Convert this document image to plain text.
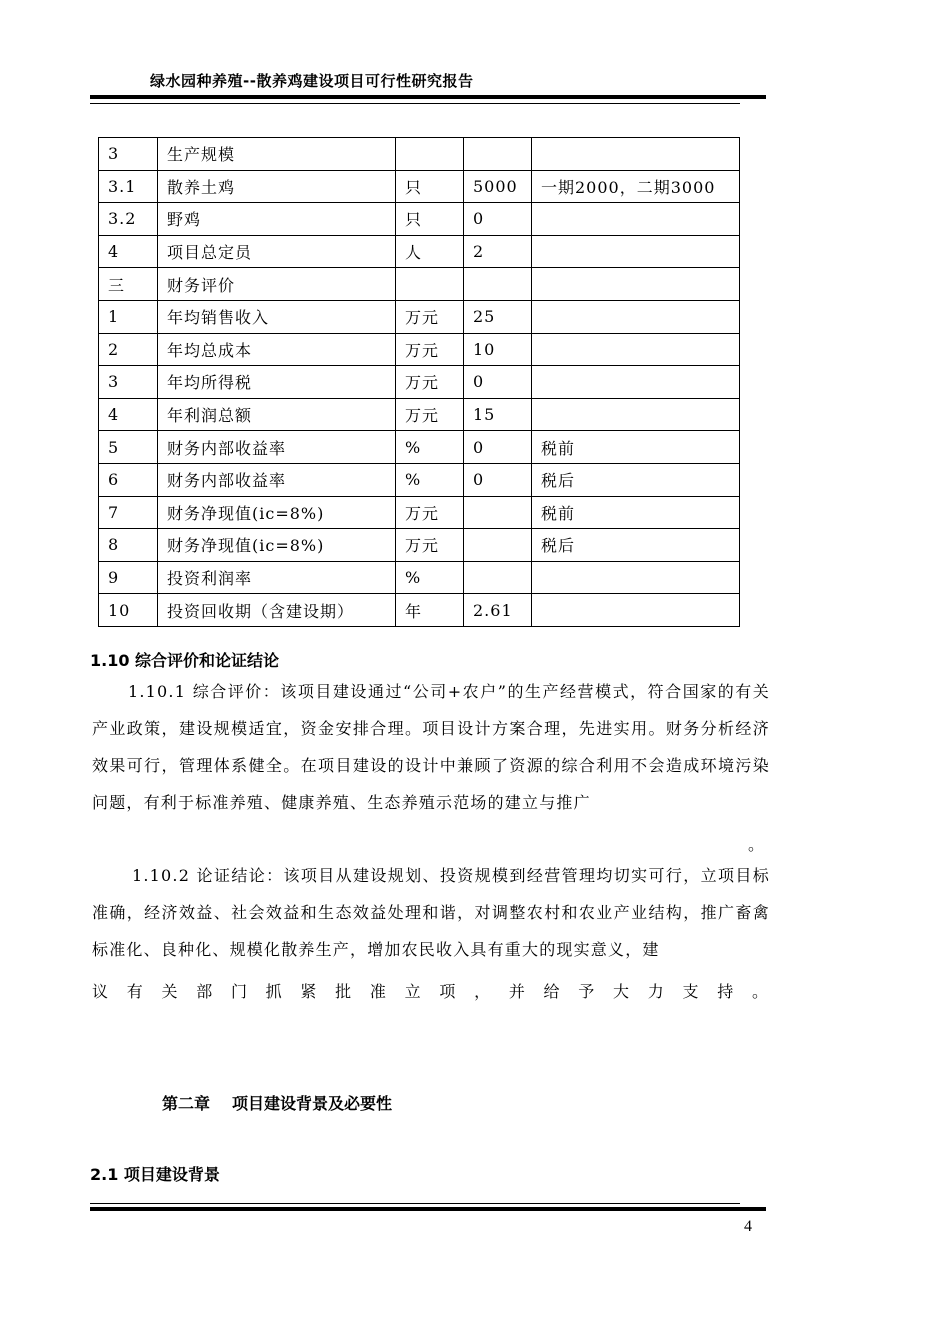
绿水园种养殖--散养鸡建设项目可行性研究报告
3	生产规模			
3.1	散养土鸡	只	5000	一期2000，二期3000
3.2	野鸡	只	0	
4	项目总定员	人	2	
三	财务评价			
1	年均销售收入	万元	25	
2	年均总成本	万元	10	
3	年均所得税	万元	0	
4	年利润总额	万元	15	
5	财务内部收益率	%	0	税前
6	财务内部收益率	%	0	税后
7	财务净现值(ic=8%)	万元		税前
8	财务净现值(ic=8%)	万元		税后
9	投资利润率	%		
10	投资回收期（含建设期）	年	2.61	
1.10 综合评价和论证结论
1.10.1 综合评价：该项目建设通过“公司+农户”的生产经营模式，符合国家的有关产业政策，建设规模适宜，资金安排合理。项目设计方案合理，先进实用。财务分析经济效果可行，管理体系健全。在项目建设的设计中兼顾了资源的综合利用不会造成环境污染问题，有利于标准养殖、健康养殖、生态养殖示范场的建立与推广
。
1.10.2 论证结论：该项目从建设规划、投资规模到经营管理均切实可行，立项目标准确，经济效益、社会效益和生态效益处理和谐，对调整农村和农业产业结构，推广畜禽标准化、良种化、规模化散养生产，增加农民收入具有重大的现实意义，建
议 有 关 部 门 抓 紧 批 准 立 项 ， 并 给 予 大 力 支 持 。
第二章 项目建设背景及必要性
2.1 项目建设背景
4
